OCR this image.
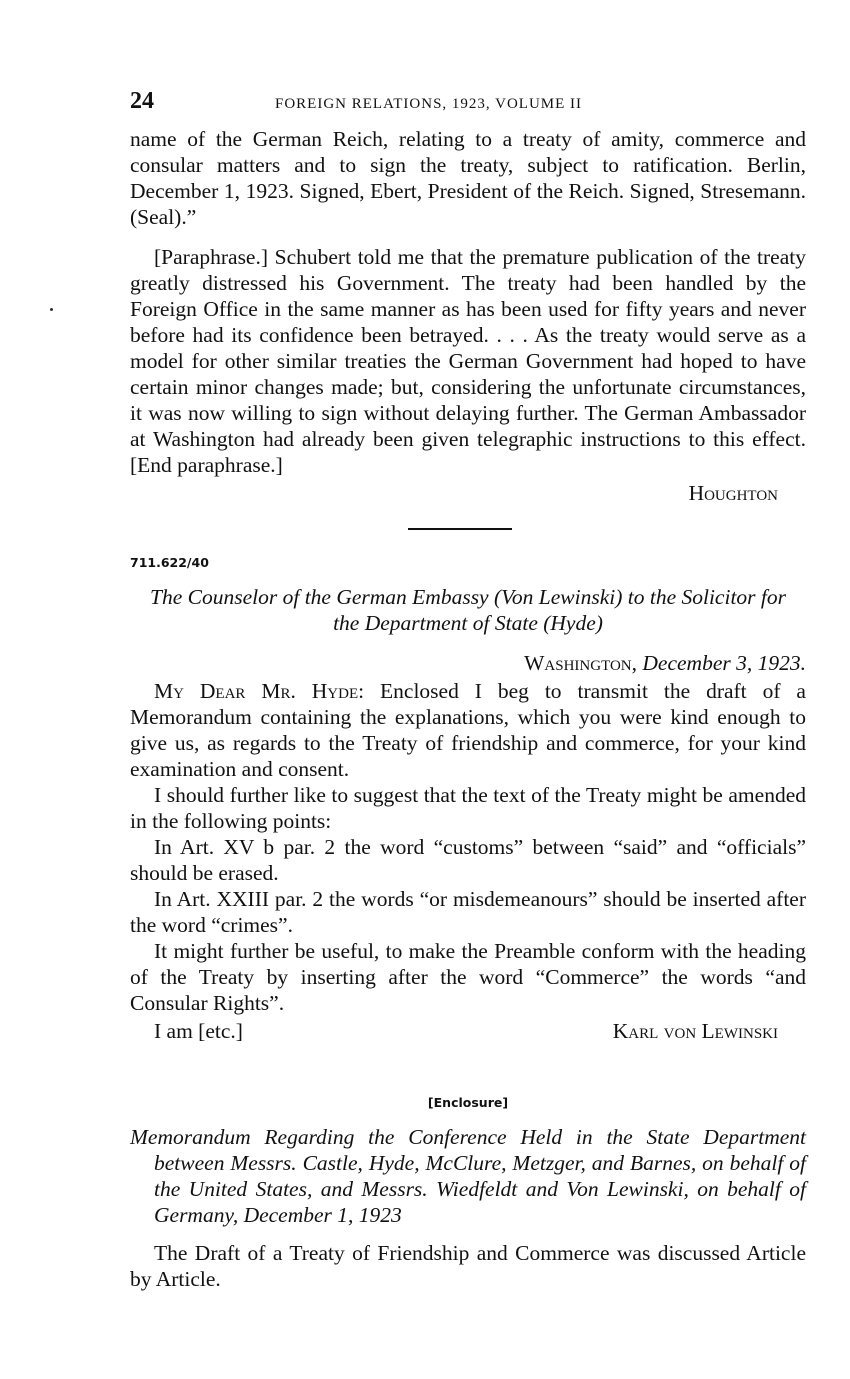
24	FOREIGN RELATIONS, 1923, VOLUME II

name of the German Reich, relating to a treaty of amity, commerce and consular matters and to sign the treaty, subject to ratification. Berlin, December 1, 1923. Signed, Ebert, President of the Reich. Signed, Stresemann. (Seal).”

[Paraphrase.] Schubert told me that the premature publication of the treaty greatly distressed his Government. The treaty had been handled by the Foreign Office in the same manner as has been used for fifty years and never before had its confidence been betrayed. . . . As the treaty would serve as a model for other similar treaties the German Government had hoped to have certain minor changes made; but, considering the unfortunate circumstances, it was now willing to sign without delaying further. The German Ambassador at Washington had already been given telegraphic instructions to this effect. [End paraphrase.]

Houghton
711.622/40
The Counselor of the German Embassy (Von Lewinski) to the Solicitor for the Department of State (Hyde)
Washington, December 3, 1923.

My Dear Mr. Hyde: Enclosed I beg to transmit the draft of a Memorandum containing the explanations, which you were kind enough to give us, as regards to the Treaty of friendship and commerce, for your kind examination and consent.

I should further like to suggest that the text of the Treaty might be amended in the following points:

In Art. XV b par. 2 the word “customs” between “said” and “officials” should be erased.

In Art. XXIII par. 2 the words “or misdemeanours” should be inserted after the word “crimes”.

It might further be useful, to make the Preamble conform with the heading of the Treaty by inserting after the word “Commerce” the words “and Consular Rights”.

I am [etc.]	Karl von Lewinski
[Enclosure]
Memorandum Regarding the Conference Held in the State Department between Messrs. Castle, Hyde, McClure, Metzger, and Barnes, on behalf of the United States, and Messrs. Wiedfeldt and Von Lewinski, on behalf of Germany, December 1, 1923

The Draft of a Treaty of Friendship and Commerce was discussed Article by Article.
